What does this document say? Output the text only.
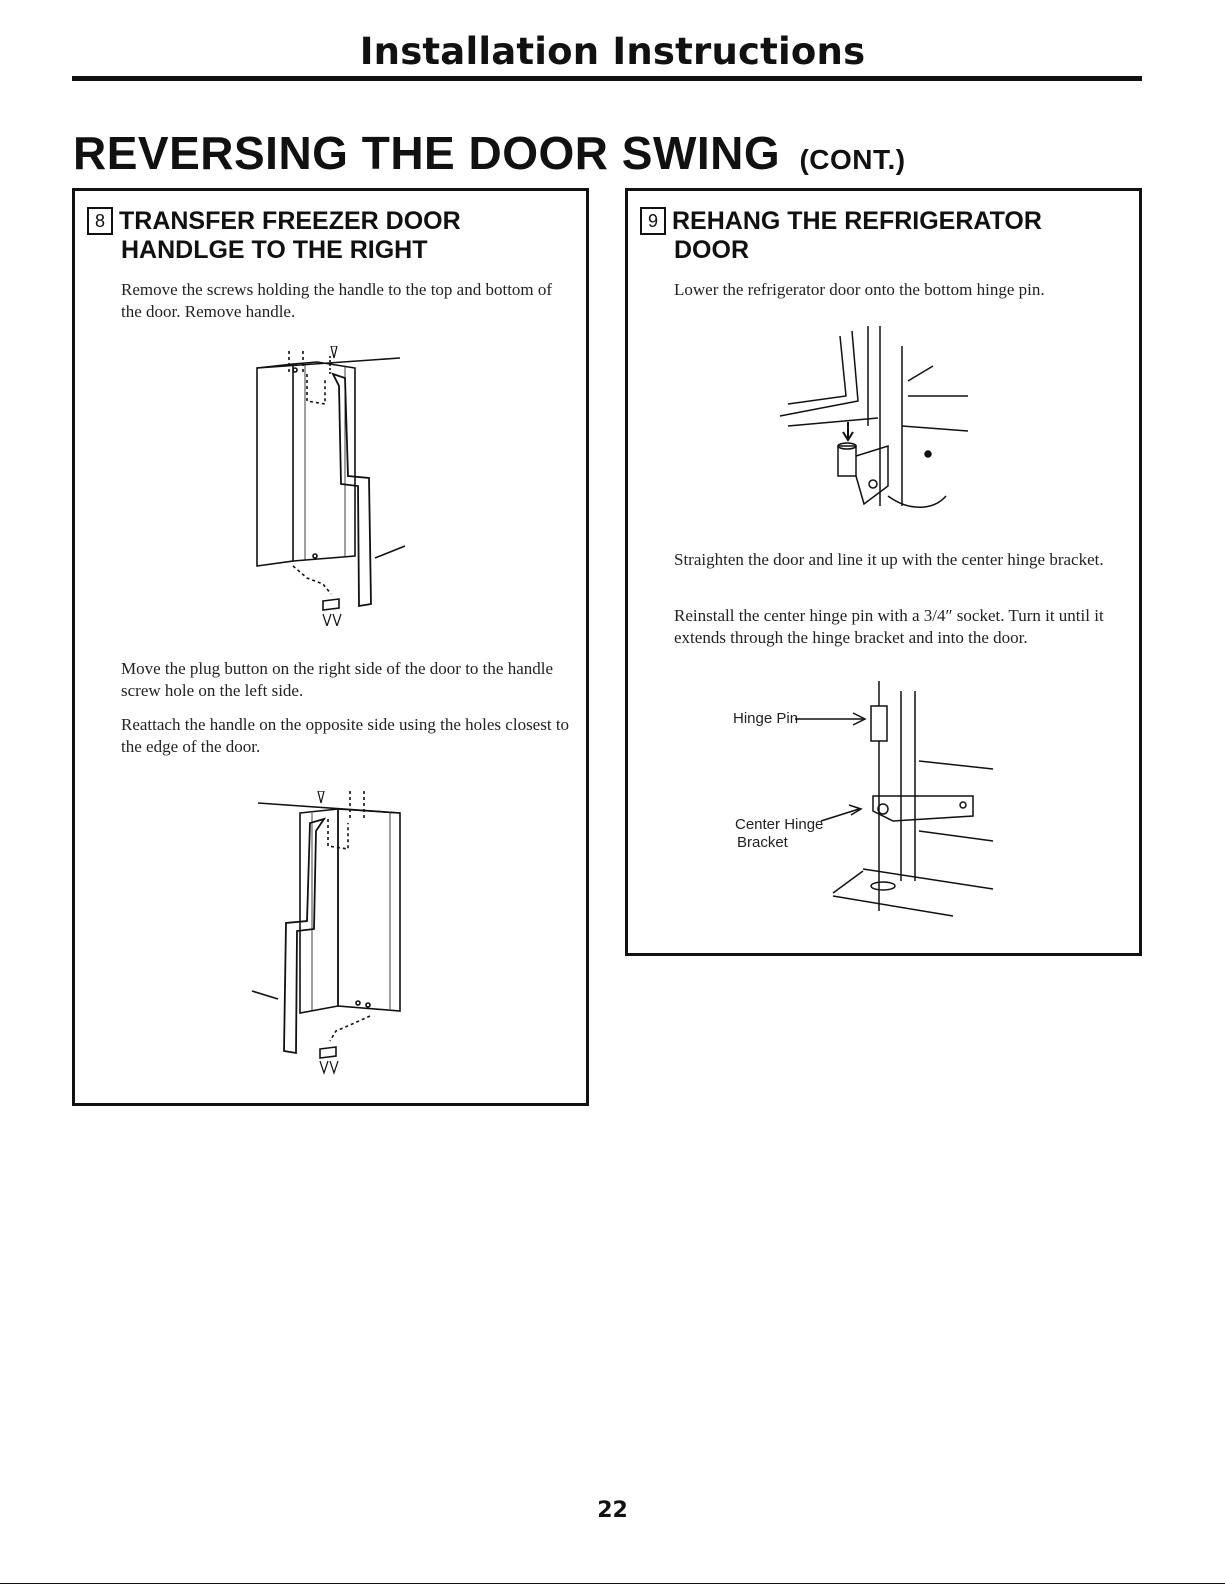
Installation Instructions
REVERSING THE DOOR SWING (CONT.)
8 TRANSFER FREEZER DOOR
HANDLGE TO THE RIGHT

Remove the screws holding the handle to the top and bottom of the door. Remove handle.

Move the plug button on the right side of the door to the handle screw hole on the left side.

Reattach the handle on the opposite side using the holes closest to the edge of the door.

9 REHANG THE REFRIGERATOR
DOOR

Lower the refrigerator door onto the bottom hinge pin.

Straighten the door and line it up with the center hinge bracket.

Reinstall the center hinge pin with a 3/4″ socket. Turn it until it extends through the hinge bracket and into the door.

Hinge Pin
Center Hinge
Bracket
22
